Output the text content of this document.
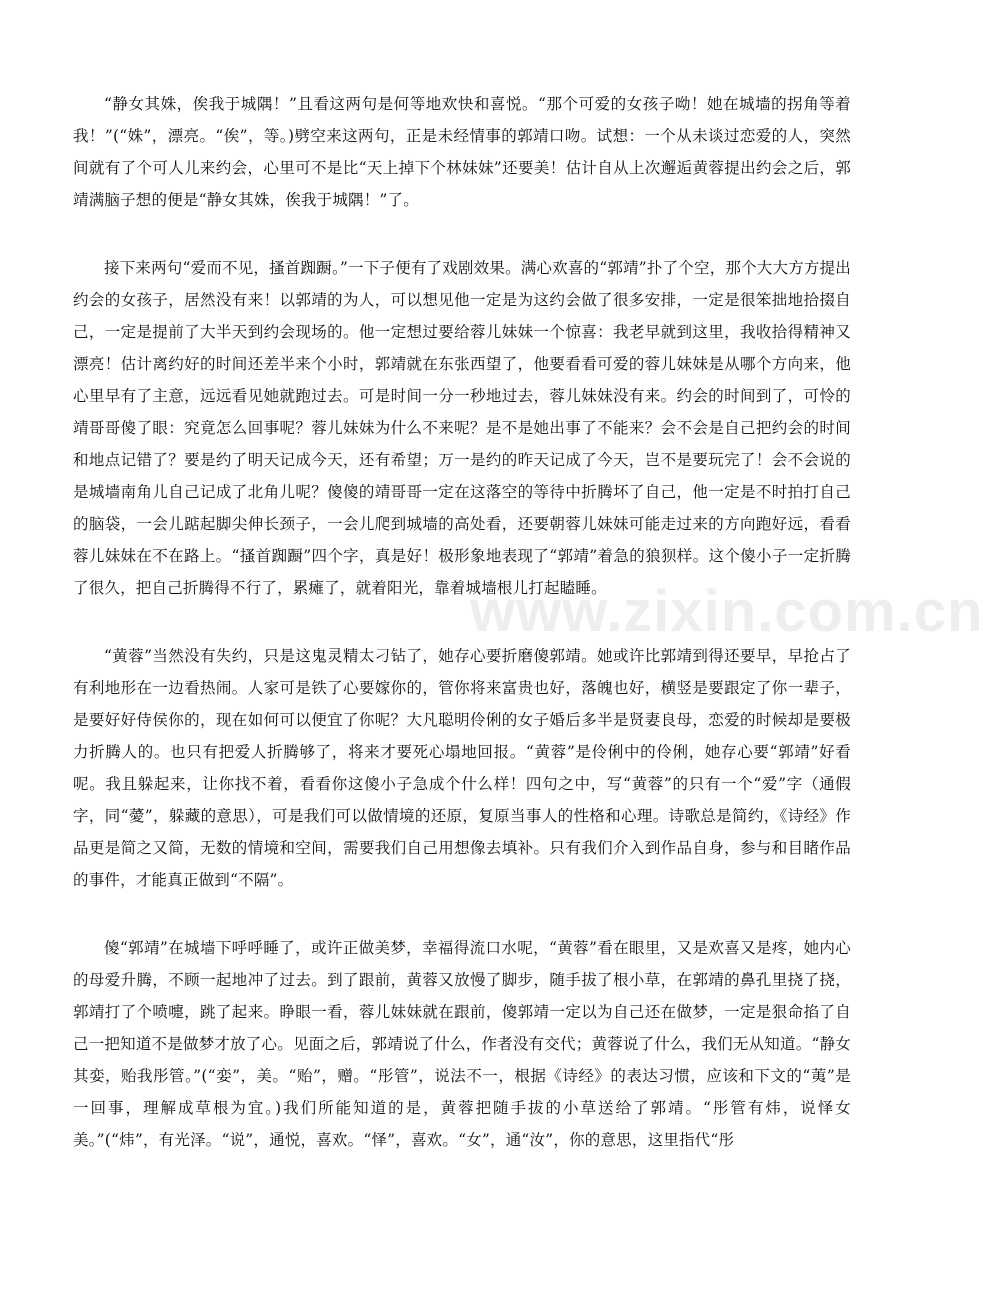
“静女其姝，俟我于城隅！”且看这两句是何等地欢快和喜悦。“那个可爱的女孩子呦！她在城墙的拐角等着我！”(“姝”，漂亮。“俟”，等。)劈空来这两句，正是未经情事的郭靖口吻。试想：一个从未谈过恋爱的人，突然间就有了个可人儿来约会，心里可不是比“天上掉下个林妹妹”还要美！估计自从上次邂逅黄蓉提出约会之后，郭靖满脑子想的便是“静女其姝，俟我于城隅！”了。

接下来两句“爱而不见，搔首踟蹰。”一下子便有了戏剧效果。满心欢喜的“郭靖”扑了个空，那个大大方方提出约会的女孩子，居然没有来！以郭靖的为人，可以想见他一定是为这约会做了很多安排，一定是很笨拙地拾掇自己，一定是提前了大半天到约会现场的。他一定想过要给蓉儿妹妹一个惊喜：我老早就到这里，我收拾得精神又漂亮！估计离约好的时间还差半来个小时，郭靖就在东张西望了，他要看看可爱的蓉儿妹妹是从哪个方向来，他心里早有了主意，远远看见她就跑过去。可是时间一分一秒地过去，蓉儿妹妹没有来。约会的时间到了，可怜的靖哥哥傻了眼：究竟怎么回事呢？蓉儿妹妹为什么不来呢？是不是她出事了不能来？会不会是自己把约会的时间和地点记错了？要是约了明天记成今天，还有希望；万一是约的昨天记成了今天，岂不是要玩完了！会不会说的是城墙南角儿自己记成了北角儿呢？傻傻的靖哥哥一定在这落空的等待中折腾坏了自己，他一定是不时拍打自己的脑袋，一会儿踮起脚尖伸长颈子，一会儿爬到城墙的高处看，还要朝蓉儿妹妹可能走过来的方向跑好远，看看蓉儿妹妹在不在路上。“搔首踟蹰”四个字，真是好！极形象地表现了“郭靖”着急的狼狈样。这个傻小子一定折腾了很久，把自己折腾得不行了，累瘫了，就着阳光，靠着城墙根儿打起瞌睡。

“黄蓉”当然没有失约，只是这鬼灵精太刁钻了，她存心要折磨傻郭靖。她或许比郭靖到得还要早，早抢占了有利地形在一边看热闹。人家可是铁了心要嫁你的，管你将来富贵也好，落魄也好，横竖是要跟定了你一辈子，是要好好侍侯你的，现在如何可以便宜了你呢？大凡聪明伶俐的女子婚后多半是贤妻良母，恋爱的时候却是要极力折腾人的。也只有把爱人折腾够了，将来才要死心塌地回报。“黄蓉”是伶俐中的伶俐，她存心要“郭靖”好看呢。我且躲起来，让你找不着，看看你这傻小子急成个什么样！四句之中，写“黄蓉”的只有一个“爱”字（通假字，同“薆”，躲藏的意思），可是我们可以做情境的还原，复原当事人的性格和心理。诗歌总是简约，《诗经》作品更是简之又简，无数的情境和空间，需要我们自己用想像去填补。只有我们介入到作品自身，参与和目睹作品的事件，才能真正做到“不隔”。

傻“郭靖”在城墙下呼呼睡了，或许正做美梦，幸福得流口水呢，“黄蓉”看在眼里，又是欢喜又是疼，她内心的母爱升腾，不顾一起地冲了过去。到了跟前，黄蓉又放慢了脚步，随手拔了根小草，在郭靖的鼻孔里挠了挠，郭靖打了个喷嚏，跳了起来。睁眼一看，蓉儿妹妹就在跟前，傻郭靖一定以为自己还在做梦，一定是狠命掐了自己一把知道不是做梦才放了心。见面之后，郭靖说了什么，作者没有交代；黄蓉说了什么，我们无从知道。“静女其娈，贻我彤管。”(“娈”，美。“贻”，赠。“彤管”，说法不一，根据《诗经》的表达习惯，应该和下文的“荑”是一回事，理解成草根为宜。)我们所能知道的是，黄蓉把随手拔的小草送给了郭靖。“彤管有炜，说怿女美。”(“炜”，有光泽。“说”，通悦，喜欢。“怿”，喜欢。“女”，通“汝”，你的意思，这里指代“彤

www.zixin.com.cn
